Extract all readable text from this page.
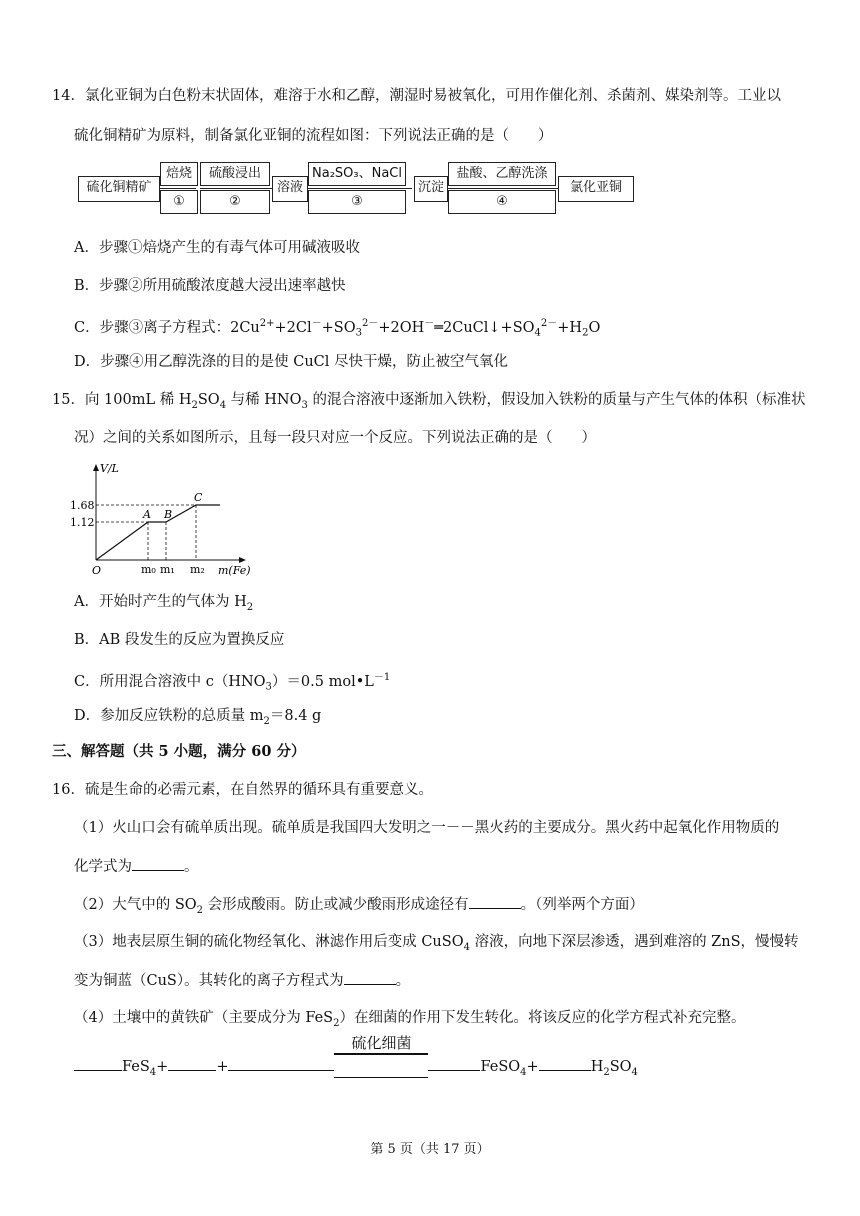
14．氯化亚铜为白色粉末状固体，难溶于水和乙醇，潮湿时易被氧化，可用作催化剂、杀菌剂、媒染剂等。工业以
硫化铜精矿为原料，制备氯化亚铜的流程如图：下列说法正确的是（　　）
硫化铜精矿
焙烧
①
硫酸浸出
②
溶液
Na₂SO₃、NaCl
③
沉淀
盐酸、乙醇洗涤
④
氯化亚铜
A．步骤①焙烧产生的有毒气体可用碱液吸收
B．步骤②所用硫酸浓度越大浸出速率越快
C．步骤③离子方程式：$2Cu^{2+}+2Cl^-+SO_3^{2-}+2OH^-═2CuCl↓+SO_4^{2-}+H_2O$
D．步骤④用乙醇洗涤的目的是使 CuCl 尽快干燥，防止被空气氧化
15．向 100mL 稀 $H_2SO_4$ 与稀 $HNO_3$ 的混合溶液中逐渐加入铁粉，假设加入铁粉的质量与产生气体的体积（标准状
况）之间的关系如图所示，且每一段只对应一个反应。下列说法正确的是（　　）
V/L
1.68
1.12
A B
C
O	m₀ m₁ m₂ m(Fe)
A．开始时产生的气体为 $H_2$
B．AB 段发生的反应为置换反应
C．所用混合溶液中 $c(HNO_3)=0.5$ $mol•L^{-1}$
D．参加反应铁粉的总质量 $m_2=8.4$ g
三、解答题（共 5 小题，满分 60 分）
16．硫是生命的必需元素，在自然界的循环具有重要意义。
（1）火山口会有硫单质出现。硫单质是我国四大发明之一－－黑火药的主要成分。黑火药中起氧化作用物质的
化学式为	。
（2）大气中的 $SO_2$ 会形成酸雨。防止或减少酸雨形成途径有	。（列举两个方面）
（3）地表层原生铜的硫化物经氧化、淋滤作用后变成 CuSO$_4$ 溶液，向地下深层渗透，遇到难溶的 ZnS，慢慢转
变为铜蓝（CuS）。其转化的离子方程式为	。
（4）土壤中的黄铁矿（主要成分为 FeS$_2$）在细菌的作用下发生转化。将该反应的化学方程式补充完整。
FeS$_4$+	+
硫化细菌
FeSO$_4$+	$H_2SO_4$
第 5 页（共 17 页）
